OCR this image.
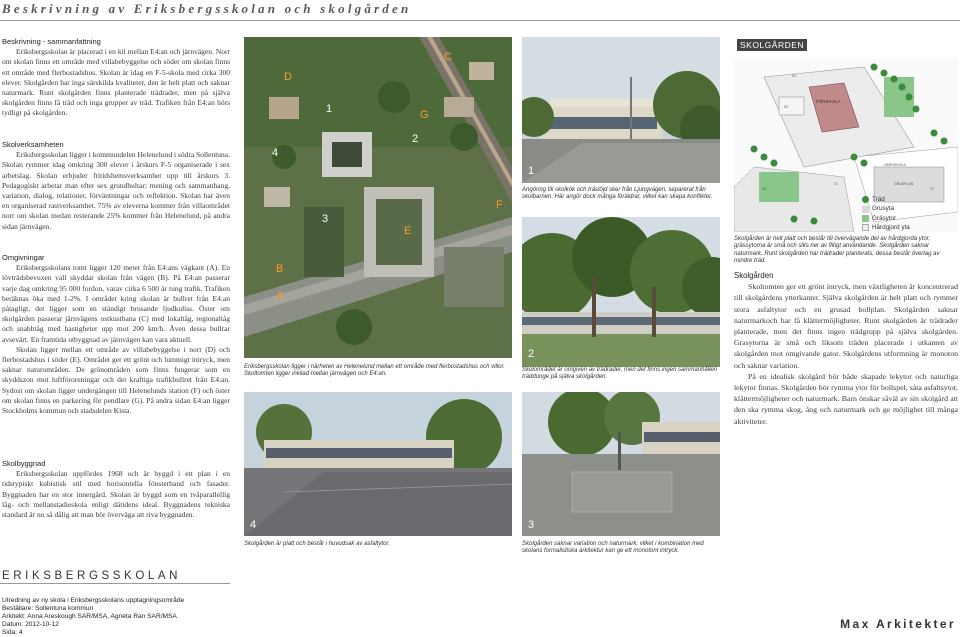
Beskrivning av Eriksbergsskolan och skolgården
Beskrivning - sammanfattning

Eriksbergsskolan är placerad i en kil mellan E4:an och järnvägen. Norr om skolan finns ett område med villabebyggelse och söder om skolan finns ett område med flerbostadshus. Skolan är idag en F-5-skola med cirka 300 elever. Skolgården har inga särskilda kvaliteter, den är helt platt och saknar naturmark. Runt skolgården finns planterade trädrader, men på själva skolgården finns få träd och inga grupper av träd. Trafiken från E4:an hörs tydligt på skolgården.

Skolverksamheten

Eriksbergsskolan ligger i kommundelen Helenelund i södra Sollentuna. Skolan rymmer idag omkring 300 elever i årskurs F-5 organiserade i sex arbetslag. Skolan erbjuder fritidshemsverksamhet upp till årskurs 3. Pedagogiskt arbetar man efter sex grundbultar; mening och sammanhang, variation, dialog, relationer, förväntningar och reflektion. Skolan har även en organiserad rastverksamhet. 75% av eleverna kommer från villaområdet norr om skolan medan resterande 25% kommer från Helenelund, på andra sidan järnvägen.

Omgivningar

Eriksbergsskolans tomt ligger 120 meter från E4:ans vägkant (A). En lövträdsbevuxen vall skyddar skolan från vägen (B). På E4:an passerar varje dag omkring 95 000 fordon, varav cirka 6 500 är tung trafik. Trafiken beräknas öka med 1-2%. I området kring skolan är bullret från E4:an påtagligt, det ligger som en ständigt brusande ljudkuliss. Öster om skolgården passerar järnvägens ostkustbana (C) med lokaltåg, regionaltåg och snabbtåg med hastigheter upp mot 200 km/h. Även dessa bullrar avsevärt. En framtida utbyggnad av järnvägen kan vara aktuell.

Skolan ligger mellan ett område av villabebyggelse i norr (D) och flerbostadshus i söder (E). Området ger ett grönt och lummigt intryck, men saknar naturområden. De grönområden som finns fungerar som en skyddszon mot luftföroreningar och det kraftiga trafikbullret från E4:an. Sydost om skolan ligger undergången till Helenelunds station (F) och öster om skolan finns en parkering för pendlare (G). På andra sidan E4:an ligger Stockholms kommun och stadsdelen Kista.

Skolbyggnad

Eriksbergsskolan uppfördes 1968 och är byggd i ett plan i en tidstypiskt kubistisk stil med horisontella fönsterband och fasader. Byggnaden har en stor innergård. Skolan är byggd som en tvåparallellig låg- och mellanstadieskola enligt dätidens ideal. Byggnadens tekniska standard är nu så dålig att man bör överväga att riva byggnaden.

D
C
G
F
E
B
A
1
2
4
3
Eriksbergsskolan ligger i närheten av Helenelund mellan ett område med flerbostadshus och villor. Skoltomten ligger inkilad mellan järnvägen och E4:an.
1
Angöring till skolkök och träslöjd sker från Ljungvägen, separerat från skolbarnen. Här angör dock många föräldrar, vilket kan skapa konflikter.
SKOLGÅRDEN
S1
FÖRSKOLA
S2
T1	GRUSPLAN
HÄRDSKOLA
S3	T2
Träd
Grusyta
Gräsytor
Hårdgjord yta
Skolgården är helt platt och består till övervägande del av hårdgjorda ytor, grässytorna är små och slits ner av flitigt användande. Skolgården saknar naturmark. Runt skolgården har trädrader planterats, dessa består överlag av mindre träd.
Skolgården

Skoltomten ger ett grönt intryck, men växtligheten är koncentrerad till skolgårdens ytterkanter. Själva skolgården är helt platt och rymmer stora asfaltytor och en grusad bollplan. Skolgården saknar naturmarkoch har få klättermöjligheter. Runt skolgården är trädrader planterade, men det finns ingen trädgrupp på själva skolgården. Grasytorna är små och liksom träden placerade i utkanten av skolgården mot omgivande gator. Skolgårdens utformning är monoton och saknar variation.

På en idealisk skolgård bör både skapade lekytor och naturliga lekytor finnas. Skolgården bör rymma ytor för bollspel, såta asfaltsytor, klättermöjligheter och naturmark. Barn önskar såväl av sin skolgård att den ska rymma skog, ång och naturmark och ge möjlighet till många aktiviteter.

2
Skolområdet är omgiven av trädrader, men det finns ingen sammanhållen träddunge på själva skolgården.
4
Skolgården är platt och består i huvudsak av asfaltytor.
3
Skolgården saknar variation och naturmark, vilket i kombination med skolans formalistiska arkitektur kan ge ett monotont intryck.
ERIKSBERGSSKOLAN
Utredning av ny skola i Eriksbergsskolans upptagningsområde
Beställare: Sollentuna kommun
Arkitekt: Anna Areskough SAR/MSA, Agneta Ran SAR/MSA
Datum: 2012-10-12
Sida: 4
Max Arkitekter
